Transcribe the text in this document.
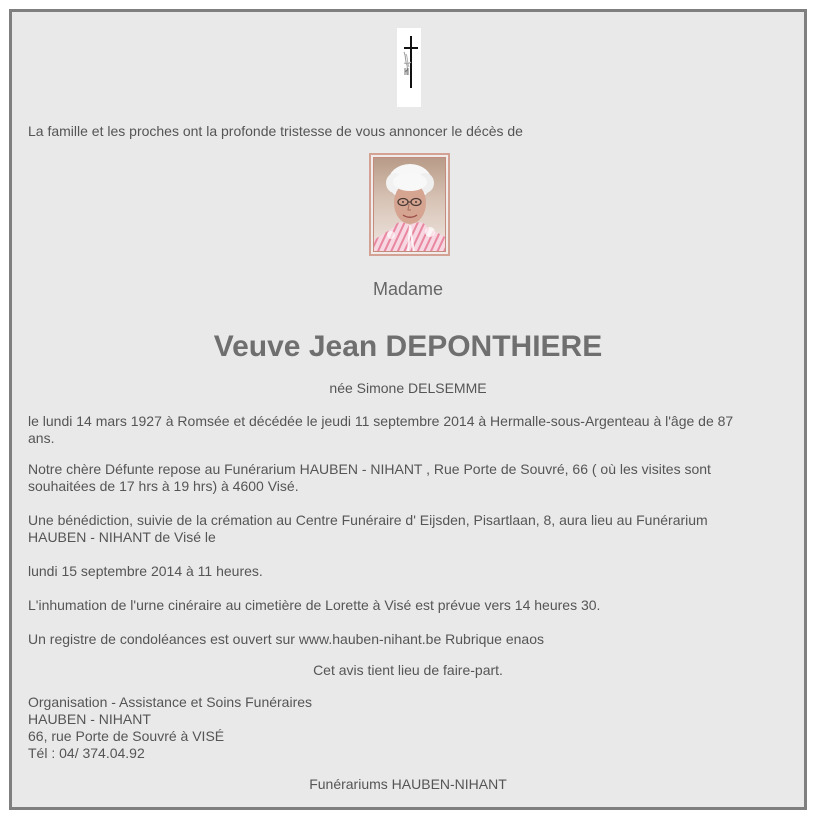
La famille et les proches ont la profonde tristesse de vous annoncer le décès de

Madame

Veuve Jean DEPONTHIERE

née Simone DELSEMME

le lundi 14 mars 1927 à Romsée et décédée le jeudi 11 septembre 2014 à Hermalle-sous-Argenteau à l'âge de 87

ans.

Notre chère Défunte repose au Funérarium HAUBEN - NIHANT , Rue Porte de Souvré, 66 ( où les visites sont

souhaitées de 17 hrs à 19 hrs) à 4600 Visé.

Une bénédiction, suivie de la crémation au Centre Funéraire d' Eijsden, Pisartlaan, 8, aura lieu au Funérarium

HAUBEN - NIHANT de Visé le

lundi 15 septembre 2014 à 11 heures.

L'inhumation de l'urne cinéraire au cimetière de Lorette à Visé est prévue vers 14 heures 30.

Un registre de condoléances est ouvert sur www.hauben-nihant.be Rubrique enaos

Cet avis tient lieu de faire-part.

Organisation - Assistance et Soins Funéraires

HAUBEN - NIHANT

66, rue Porte de Souvré à VISÉ

Tél : 04/ 374.04.92

Funérariums HAUBEN-NIHANT
